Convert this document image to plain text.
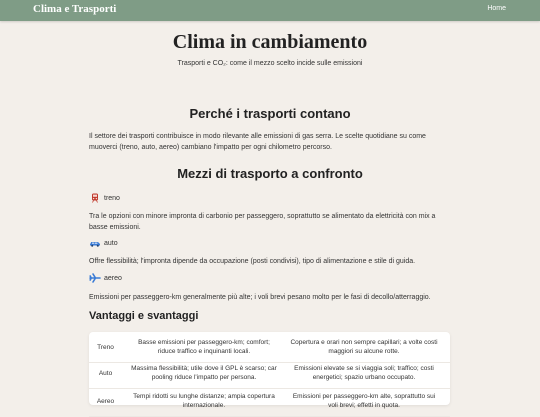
Clima e Trasporti	Home
Clima in cambiamento
Trasporti e CO₂: come il mezzo scelto incide sulle emissioni
Perché i trasporti contano

Il settore dei trasporti contribuisce in modo rilevante alle emissioni di gas serra. Le scelte quotidiane su come muoverci (treno, auto, aereo) cambiano l'impatto per ogni chilometro percorso.

Mezzi di trasporto a confronto
treno

Tra le opzioni con minore impronta di carbonio per passeggero, soprattutto se alimentato da elettricità con mix a basse emissioni.

auto

Offre flessibilità; l'impronta dipende da occupazione (posti condivisi), tipo di alimentazione e stile di guida.

aereo

Emissioni per passeggero-km generalmente più alte; i voli brevi pesano molto per le fasi di decollo/atterraggio.

Vantaggi e svantaggi
Treno
Basse emissioni per passeggero-km; comfort; riduce traffico e inquinanti locali.
Copertura e orari non sempre capillari; a volte costi maggiori su alcune rotte.
Auto
Massima flessibilità; utile dove il GPL è scarso; car pooling riduce l'impatto per persona.
Emissioni elevate se si viaggia soli; traffico; costi energetici; spazio urbano occupato.
Aereo
Tempi ridotti su lunghe distanze; ampia copertura internazionale.
Emissioni per passeggero-km alte, soprattutto sui voli brevi; effetti in quota.
